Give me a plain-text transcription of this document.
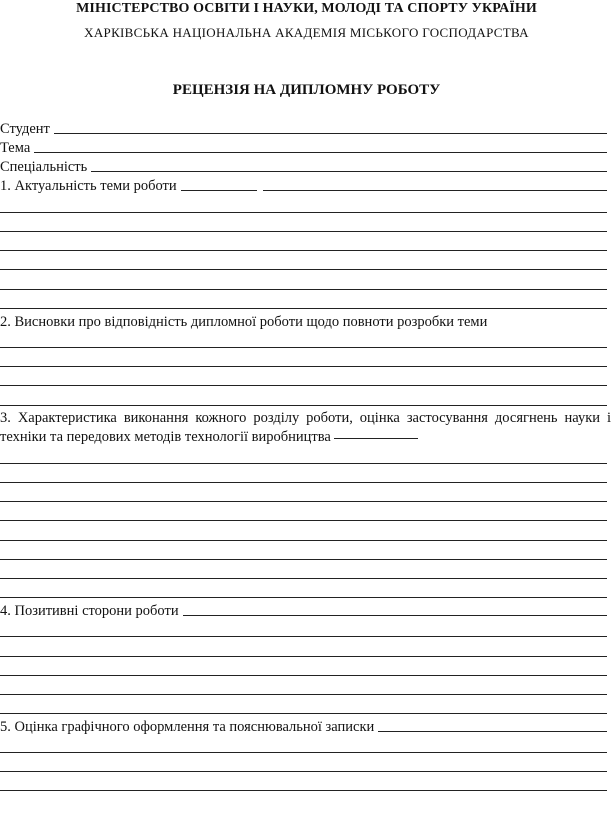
МІНІСТЕРСТВО ОСВІТИ І НАУКИ, МОЛОДІ ТА СПОРТУ УКРАЇНИ
ХАРКІВСЬКА НАЦІОНАЛЬНА АКАДЕМІЯ МІСЬКОГО ГОСПОДАРСТВА
РЕЦЕНЗІЯ НА ДИПЛОМНУ РОБОТУ
Студент
Тема
Спеціальність
1. Актуальність теми роботи
2. Висновки про відповідність дипломної роботи щодо повноти розробки теми
3. Характеристика виконання кожного розділу роботи, оцінка застосування досягнень науки і техніки та передових методів технології виробництва
4. Позитивні сторони роботи
5. Оцінка графічного оформлення та пояснювальної записки
